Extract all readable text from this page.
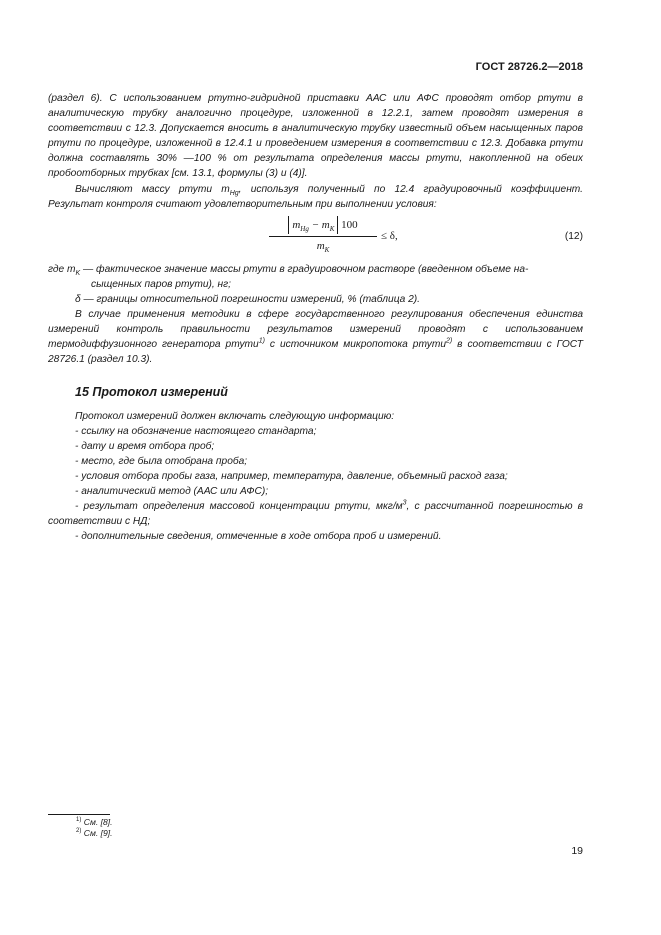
ГОСТ 28726.2—2018

(раздел 6). С использованием ртутно-гидридной приставки ААС или АФС проводят отбор ртути в аналитическую трубку аналогично процедуре, изложенной в 12.2.1, затем проводят измерения в соответствии с 12.3. Допускается вносить в аналитическую трубку известный объем насыщенных паров ртути по процедуре, изложенной в 12.4.1 и проведением измерения в соответствии с 12.3. Добавка ртути должна составлять 30% —100 % от результата определения массы ртути, накопленной на обеих пробоотборных трубках [см. 13.1, формулы (3) и (4)].

Вычисляют массу ртути $m_{Hg}$, используя полученный по 12.4 градуировочный коэффициент. Результат контроля считают удовлетворительным при выполнении условия:

$m_{Hg} - m_K$ 100
$m_K$
≤ δ,	(12)

где $m_K$ — фактическое значение массы ртути в градуировочном растворе (введенном объеме на-

сыщенных паров ртути), нг;

δ — границы относительной погрешности измерений, % (таблица 2).

В случае применения методики в сфере государственного регулирования обеспечения единства измерений контроль правильности результатов измерений проводят с использованием термодиффузионного генератора ртути$^{1)}$ с источником микропотока ртути$^{2)}$ в соответствии с ГОСТ 28726.1 (раздел 10.3).

15 Протокол измерений

Протокол измерений должен включать следующую информацию:

- ссылку на обозначение настоящего стандарта;

- дату и время отбора проб;

- место, где была отобрана проба;

- условия отбора пробы газа, например, температура, давление, объемный расход газа;

- аналитический метод (ААС или АФС);

- результат определения массовой концентрации ртути, мкг/$м^3$, с рассчитанной погрешностью в соответствии с НД;

- дополнительные сведения, отмеченные в ходе отбора проб и измерений.

$^{1)}$ См. [8].
$^{2)}$ См. [9].
19
